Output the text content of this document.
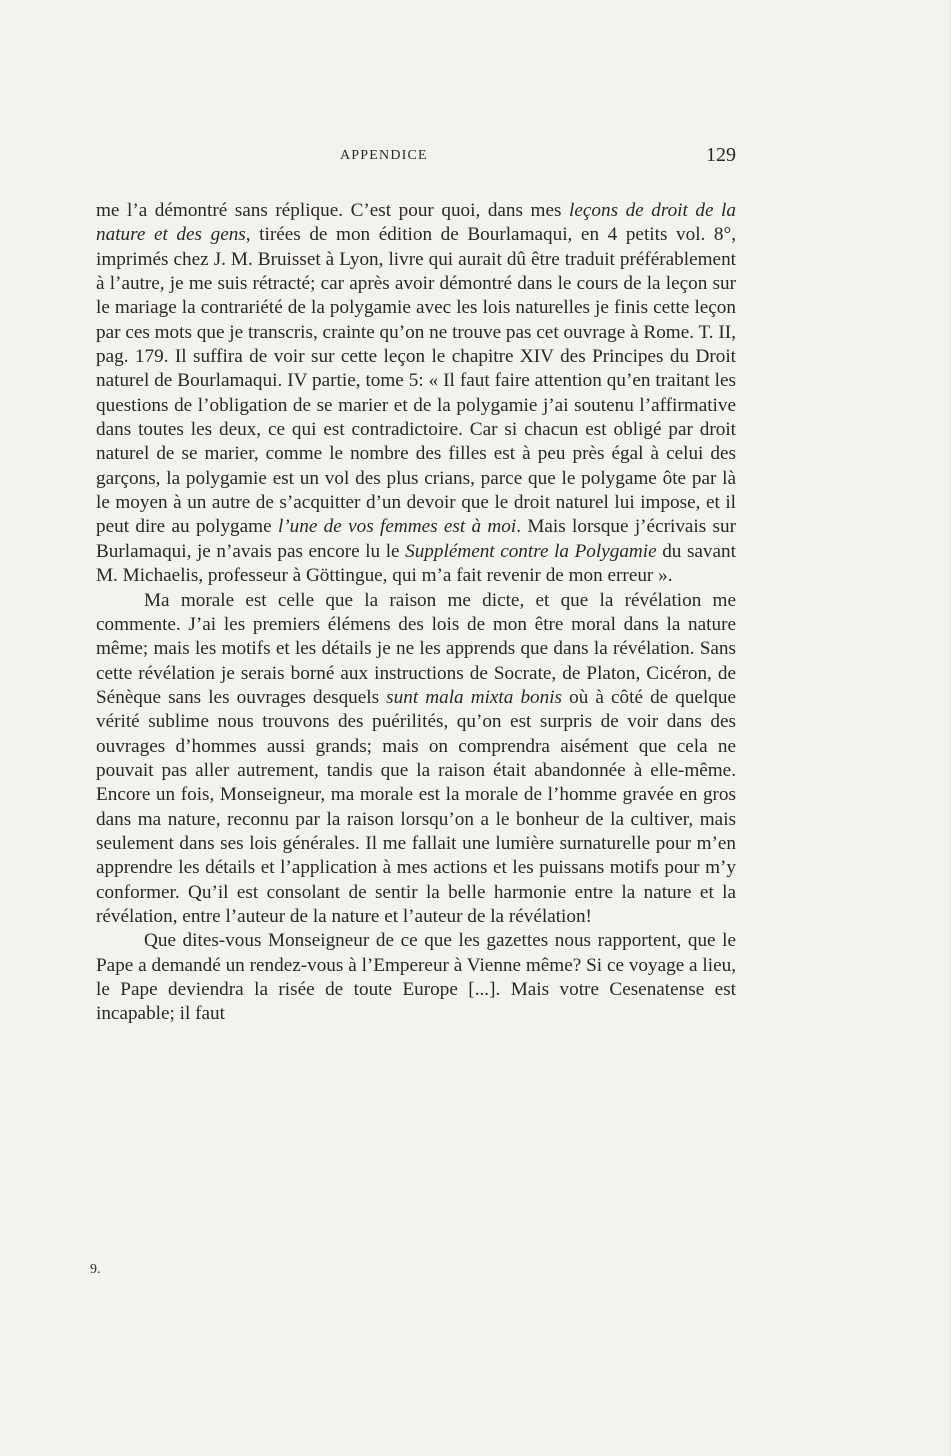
APPENDICE	129

me l’a démontré sans réplique. C’est pour quoi, dans mes leçons de droit de la nature et des gens, tirées de mon édition de Bourlamaqui, en 4 petits vol. 8°, imprimés chez J. M. Bruisset à Lyon, livre qui aurait dû être traduit préférablement à l’autre, je me suis rétracté; car après avoir démontré dans le cours de la leçon sur le mariage la contrariété de la polygamie avec les lois naturelles je finis cette leçon par ces mots que je transcris, crainte qu’on ne trouve pas cet ouvrage à Rome. T. II, pag. 179. Il suffira de voir sur cette leçon le chapitre XIV des Principes du Droit naturel de Bourlamaqui. IV partie, tome 5: « Il faut faire attention qu’en traitant les questions de l’obligation de se marier et de la polygamie j’ai soutenu l’affirmative dans toutes les deux, ce qui est contradictoire. Car si chacun est obligé par droit naturel de se marier, comme le nombre des filles est à peu près égal à celui des garçons, la polygamie est un vol des plus crians, parce que le polygame ôte par là le moyen à un autre de s’acquitter d’un devoir que le droit naturel lui impose, et il peut dire au polygame l’une de vos femmes est à moi. Mais lorsque j’écrivais sur Burlamaqui, je n’avais pas encore lu le Supplément contre la Polygamie du savant M. Michaelis, professeur à Göttingue, qui m’a fait revenir de mon erreur ».

Ma morale est celle que la raison me dicte, et que la révélation me commente. J’ai les premiers élémens des lois de mon être moral dans la nature même; mais les motifs et les détails je ne les apprends que dans la révélation. Sans cette révélation je serais borné aux instructions de Socrate, de Platon, Cicéron, de Sénèque sans les ouvrages desquels sunt mala mixta bonis où à côté de quelque vérité sublime nous trouvons des puérilités, qu’on est surpris de voir dans des ouvrages d’hommes aussi grands; mais on comprendra aisément que cela ne pouvait pas aller autrement, tandis que la raison était abandonnée à elle-même. Encore un fois, Monseigneur, ma morale est la morale de l’homme gravée en gros dans ma nature, reconnu par la raison lorsqu’on a le bonheur de la cultiver, mais seulement dans ses lois générales. Il me fallait une lumière surnaturelle pour m’en apprendre les détails et l’application à mes actions et les puissans motifs pour m’y conformer. Qu’il est consolant de sentir la belle harmonie entre la nature et la révélation, entre l’auteur de la nature et l’auteur de la révélation!

Que dites-vous Monseigneur de ce que les gazettes nous rapportent, que le Pape a demandé un rendez-vous à l’Empereur à Vienne même? Si ce voyage a lieu, le Pape deviendra la risée de toute Europe [...]. Mais votre Cesenatense est incapable; il faut

9.
